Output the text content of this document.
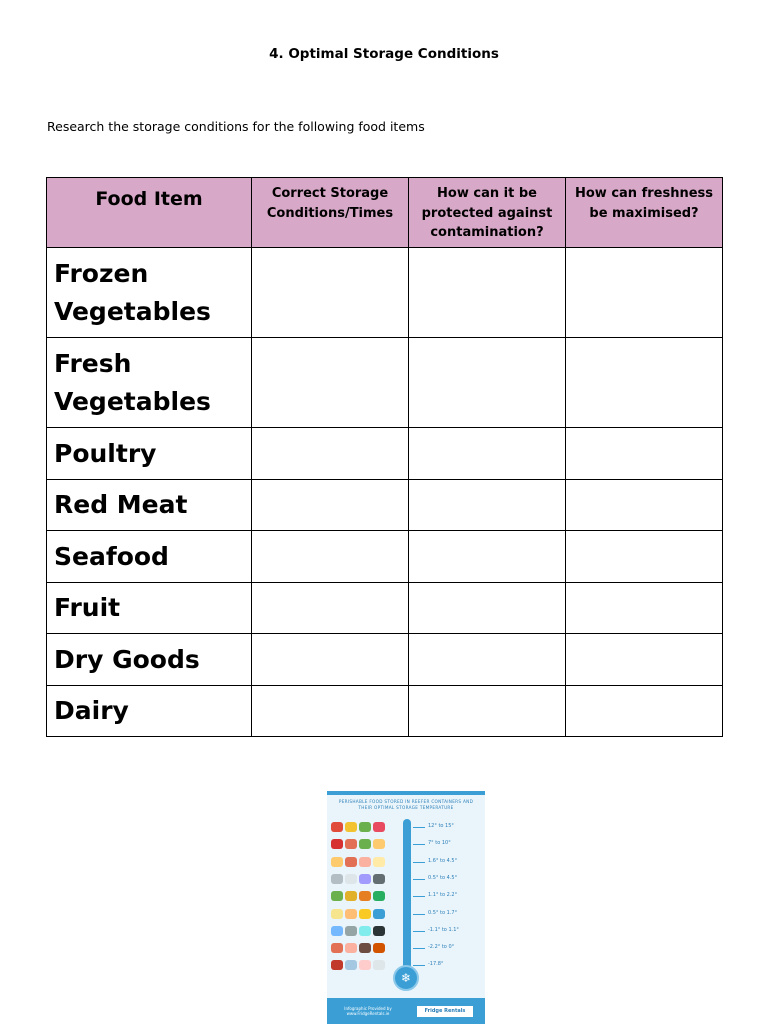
4. Optimal Storage Conditions
Research the storage conditions for the following food items
Food Item	Correct Storage Conditions/Times	How can it be protected against contamination?	How can freshness be maximised?
Frozen Vegetables			
Fresh Vegetables			
Poultry			
Red Meat			
Seafood			
Fruit			
Dry Goods			
Dairy			
PERISHABLE FOOD STORED IN REEFER CONTAINERS AND THEIR OPTIMAL STORAGE TEMPERATURE
12° to 15°
7° to 10°
1.6° to 4.5°
0.5° to 4.5°
1.1° to 2.2°
0.5° to 1.7°
-1.1° to 1.1°
-2.2° to 0°
-17.8°
❄
Infographic Provided by www.FridgeRentals.ie	Fridge Rentals
